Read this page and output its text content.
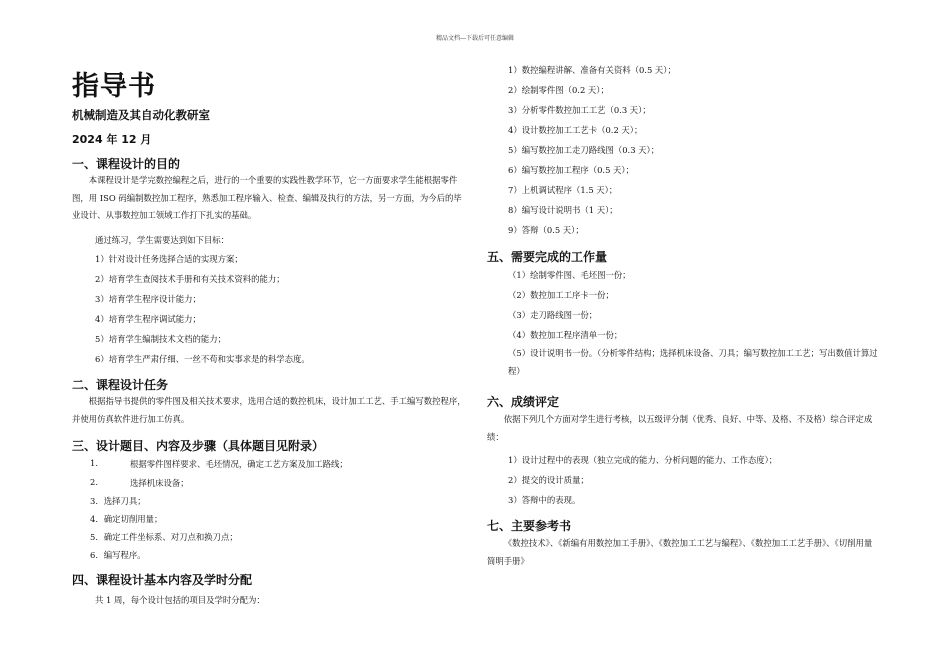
精品文档---下载后可任意编辑
指导书
机械制造及其自动化教研室
2024 年 12 月
一、课程设计的目的
本课程设计是学完数控编程之后，进行的一个重要的实践性教学环节，它一方面要求学生能根据零件图，用 ISO 码编制数控加工程序，熟悉加工程序输入、检查、编辑及执行的方法，另一方面，为今后的毕业设计、从事数控加工领域工作打下扎实的基础。
通过练习，学生需要达到如下目标：
1）针对设计任务选择合适的实现方案；
2）培育学生查阅技术手册和有关技术资料的能力；
3）培育学生程序设计能力；
4）培育学生程序调试能力；
5）培育学生编制技术文档的能力；
6）培育学生严肃仔细、一丝不苟和实事求是的科学态度。
二、课程设计任务
根据指导书提供的零件图及相关技术要求，选用合适的数控机床，设计加工工艺、手工编写数控程序，并使用仿真软件进行加工仿真。
三、设计题目、内容及步骤（具体题目见附录）
1.	根据零件图样要求、毛坯情况，确定工艺方案及加工路线；
2.	选择机床设备；
3．选择刀具；
4．确定切削用量；
5．确定工件坐标系、对刀点和换刀点；
6．编写程序。
四、课程设计基本内容及学时分配
共 1 周，每个设计包括的项目及学时分配为：
1）数控编程讲解、准备有关资料（0.5 天）；
2）绘制零件图（0.2 天）；
3）分析零件数控加工工艺（0.3 天）；
4）设计数控加工工艺卡（0.2 天）；
5）编写数控加工走刀路线图（0.3 天）；
6）编写数控加工程序（0.5 天）；
7）上机调试程序（1.5 天）；
8）编写设计说明书（1 天）；
9）答辩（0.5 天）；
五、需要完成的工作量
（1）绘制零件图、毛坯图一份；
（2）数控加工工序卡一份；
（3）走刀路线图一份；
（4）数控加工程序清单一份；
（5）设计说明书一份。（分析零件结构；选择机床设备、刀具；编写数控加工工艺；写出数值计算过程）
六、成绩评定
依据下列几个方面对学生进行考核，以五级评分制（优秀、良好、中等、及格、不及格）综合评定成绩：
1）设计过程中的表现（独立完成的能力、分析问题的能力、工作态度）；
2）提交的设计质量；
3）答辩中的表现。
七、主要参考书
《数控技术》、《新编有用数控加工手册》、《数控加工工艺与编程》、《数控加工工艺手册》、《切削用量简明手册》
